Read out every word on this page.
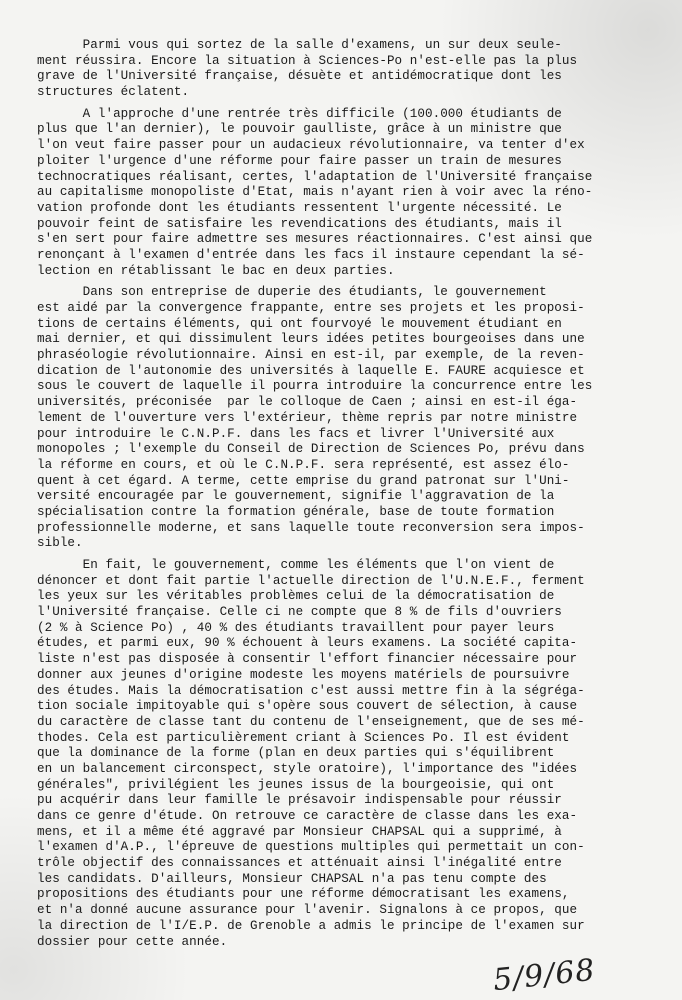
Parmi vous qui sortez de la salle d'examens, un sur deux seule-
ment réussira. Encore la situation à Sciences-Po n'est-elle pas la plus
grave de l'Université française, désuète et antidémocratique dont les
structures éclatent.
A l'approche d'une rentrée très difficile (100.000 étudiants de
plus que l'an dernier), le pouvoir gaulliste, grâce à un ministre que
l'on veut faire passer pour un audacieux révolutionnaire, va tenter d'ex
ploiter l'urgence d'une réforme pour faire passer un train de mesures
technocratiques réalisant, certes, l'adaptation de l'Université française
au capitalisme monopoliste d'Etat, mais n'ayant rien à voir avec la réno-
vation profonde dont les étudiants ressentent l'urgente nécessité. Le
pouvoir feint de satisfaire les revendications des étudiants, mais il
s'en sert pour faire admettre ses mesures réactionnaires. C'est ainsi que
renonçant à l'examen d'entrée dans les facs il instaure cependant la sé-
lection en rétablissant le bac en deux parties.
Dans son entreprise de duperie des étudiants, le gouvernement
est aidé par la convergence frappante, entre ses projets et les proposi-
tions de certains éléments, qui ont fourvoyé le mouvement étudiant en
mai dernier, et qui dissimulent leurs idées petites bourgeoises dans une
phraséologie révolutionnaire. Ainsi en est-il, par exemple, de la reven-
dication de l'autonomie des universités à laquelle E. FAURE acquiesce et
sous le couvert de laquelle il pourra introduire la concurrence entre les
universités, préconisée  par le colloque de Caen ; ainsi en est-il éga-
lement de l'ouverture vers l'extérieur, thème repris par notre ministre
pour introduire le C.N.P.F. dans les facs et livrer l'Université aux
monopoles ; l'exemple du Conseil de Direction de Sciences Po, prévu dans
la réforme en cours, et où le C.N.P.F. sera représenté, est assez élo-
quent à cet égard. A terme, cette emprise du grand patronat sur l'Uni-
versité encouragée par le gouvernement, signifie l'aggravation de la
spécialisation contre la formation générale, base de toute formation
professionnelle moderne, et sans laquelle toute reconversion sera impos-
sible.
En fait, le gouvernement, comme les éléments que l'on vient de
dénoncer et dont fait partie l'actuelle direction de l'U.N.E.F., ferment
les yeux sur les véritables problèmes celui de la démocratisation de
l'Université française. Celle ci ne compte que 8 % de fils d'ouvriers
(2 % à Science Po) , 40 % des étudiants travaillent pour payer leurs
études, et parmi eux, 90 % échouent à leurs examens. La société capita-
liste n'est pas disposée à consentir l'effort financier nécessaire pour
donner aux jeunes d'origine modeste les moyens matériels de poursuivre
des études. Mais la démocratisation c'est aussi mettre fin à la ségréga-
tion sociale impitoyable qui s'opère sous couvert de sélection, à cause
du caractère de classe tant du contenu de l'enseignement, que de ses mé-
thodes. Cela est particulièrement criant à Sciences Po. Il est évident
que la dominance de la forme (plan en deux parties qui s'équilibrent
en un balancement circonspect, style oratoire), l'importance des "idées
générales", privilégient les jeunes issus de la bourgeoisie, qui ont
pu acquérir dans leur famille le présavoir indispensable pour réussir
dans ce genre d'étude. On retrouve ce caractère de classe dans les exa-
mens, et il a même été aggravé par Monsieur CHAPSAL qui a supprimé, à
l'examen d'A.P., l'épreuve de questions multiples qui permettait un con-
trôle objectif des connaissances et atténuait ainsi l'inégalité entre
les candidats. D'ailleurs, Monsieur CHAPSAL n'a pas tenu compte des
propositions des étudiants pour une réforme démocratisant les examens,
et n'a donné aucune assurance pour l'avenir. Signalons à ce propos, que
la direction de l'I/E.P. de Grenoble a admis le principe de l'examen sur
dossier pour cette année.
5/9/68
